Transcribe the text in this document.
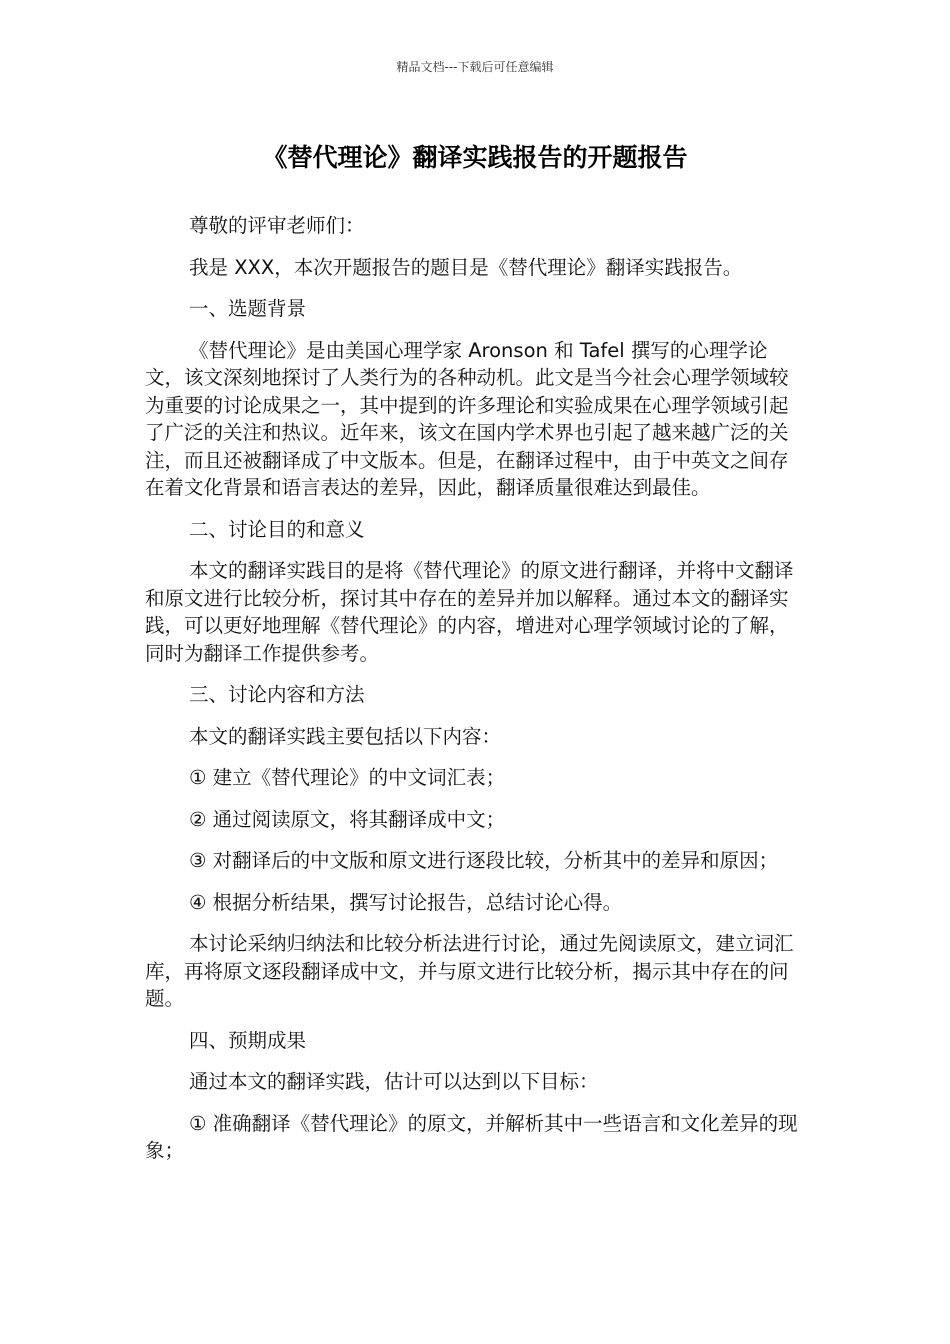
精品文档---下载后可任意编辑
《替代理论》翻译实践报告的开题报告

尊敬的评审老师们：

我是 XXX，本次开题报告的题目是《替代理论》翻译实践报告。

一、选题背景

《替代理论》是由美国心理学家 Aronson 和 Tafel 撰写的心理学论文，该文深刻地探讨了人类行为的各种动机。此文是当今社会心理学领域较为重要的讨论成果之一，其中提到的许多理论和实验成果在心理学领域引起了广泛的关注和热议。近年来，该文在国内学术界也引起了越来越广泛的关注，而且还被翻译成了中文版本。但是，在翻译过程中，由于中英文之间存在着文化背景和语言表达的差异，因此，翻译质量很难达到最佳。

二、讨论目的和意义

本文的翻译实践目的是将《替代理论》的原文进行翻译，并将中文翻译和原文进行比较分析，探讨其中存在的差异并加以解释。通过本文的翻译实践，可以更好地理解《替代理论》的内容，增进对心理学领域讨论的了解，同时为翻译工作提供参考。

三、讨论内容和方法

本文的翻译实践主要包括以下内容：

① 建立《替代理论》的中文词汇表；

② 通过阅读原文，将其翻译成中文；

③ 对翻译后的中文版和原文进行逐段比较，分析其中的差异和原因；

④ 根据分析结果，撰写讨论报告，总结讨论心得。

本讨论采纳归纳法和比较分析法进行讨论，通过先阅读原文，建立词汇库，再将原文逐段翻译成中文，并与原文进行比较分析，揭示其中存在的问题。

四、预期成果

通过本文的翻译实践，估计可以达到以下目标：

① 准确翻译《替代理论》的原文，并解析其中一些语言和文化差异的现象；
